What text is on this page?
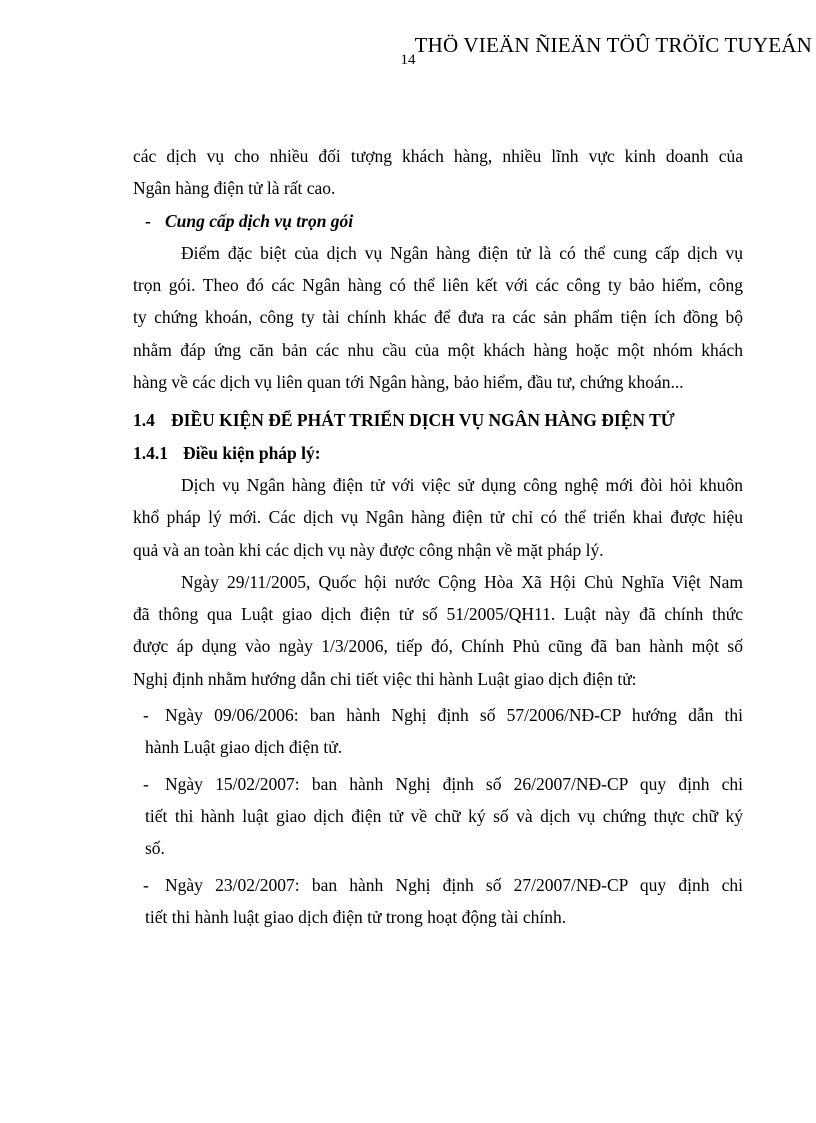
THÖ VIEÄN ÑIEÄN TÖÛ TRÖÏC TUYEÁN
14

các dịch vụ cho nhiều đối tượng khách hàng, nhiều lĩnh vực kinh doanh của
Ngân hàng điện tử là rất cao.

- Cung cấp dịch vụ trọn gói

Điểm đặc biệt của dịch vụ Ngân hàng điện tử là có thể cung cấp dịch vụ
trọn gói. Theo đó các Ngân hàng có thể liên kết với các công ty bảo hiểm, công
ty chứng khoán, công ty tài chính khác để đưa ra các sản phẩm tiện ích đồng bộ
nhằm đáp ứng căn bản các nhu cầu của một khách hàng hoặc một nhóm khách
hàng về các dịch vụ liên quan tới Ngân hàng, bảo hiểm, đầu tư, chứng khoán...

1.4 ĐIỀU KIỆN ĐỂ PHÁT TRIỂN DỊCH VỤ NGÂN HÀNG ĐIỆN TỬ

1.4.1 Điều kiện pháp lý:

Dịch vụ Ngân hàng điện tử với việc sử dụng công nghệ mới đòi hỏi khuôn
khổ pháp lý mới. Các dịch vụ Ngân hàng điện tử chỉ có thể triển khai được hiệu
quả và an toàn khi các dịch vụ này được công nhận về mặt pháp lý.

Ngày 29/11/2005, Quốc hội nước Cộng Hòa Xã Hội Chủ Nghĩa Việt Nam
đã thông qua Luật giao dịch điện tử số 51/2005/QH11. Luật này đã chính thức
được áp dụng vào ngày 1/3/2006, tiếp đó, Chính Phủ cũng đã ban hành một số
Nghị định nhằm hướng dẫn chi tiết việc thi hành Luật giao dịch điện tử:

- Ngày 09/06/2006: ban hành Nghị định số 57/2006/NĐ-CP hướng dẫn thi
hành Luật giao dịch điện tử.

- Ngày 15/02/2007: ban hành Nghị định số 26/2007/NĐ-CP quy định chi
tiết thi hành luật giao dịch điện tử về chữ ký số và dịch vụ chứng thực chữ ký
số.

- Ngày 23/02/2007: ban hành Nghị định số 27/2007/NĐ-CP quy định chi
tiết thi hành luật giao dịch điện tử trong hoạt động tài chính.
